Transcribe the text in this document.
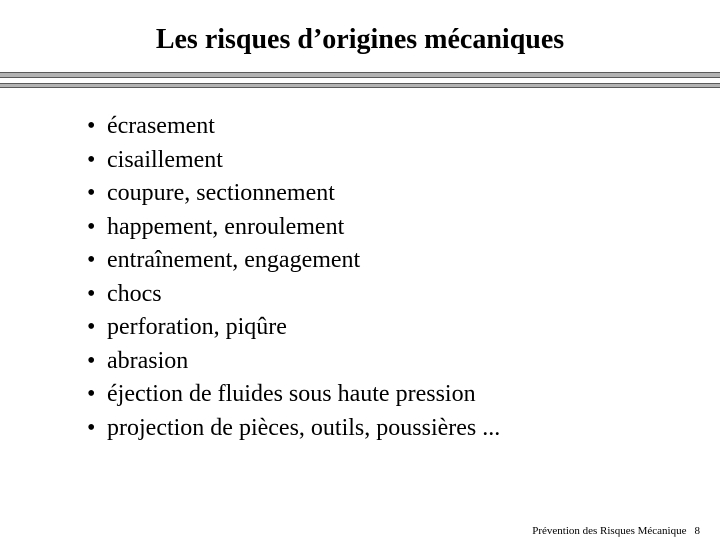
Les risques d’origines mécaniques
• écrasement
• cisaillement
• coupure, sectionnement
• happement, enroulement
• entraînement, engagement
• chocs
• perforation, piqûre
• abrasion
• éjection de fluides sous haute pression
• projection de pièces, outils, poussières ...
Prévention des Risques Mécanique 8
